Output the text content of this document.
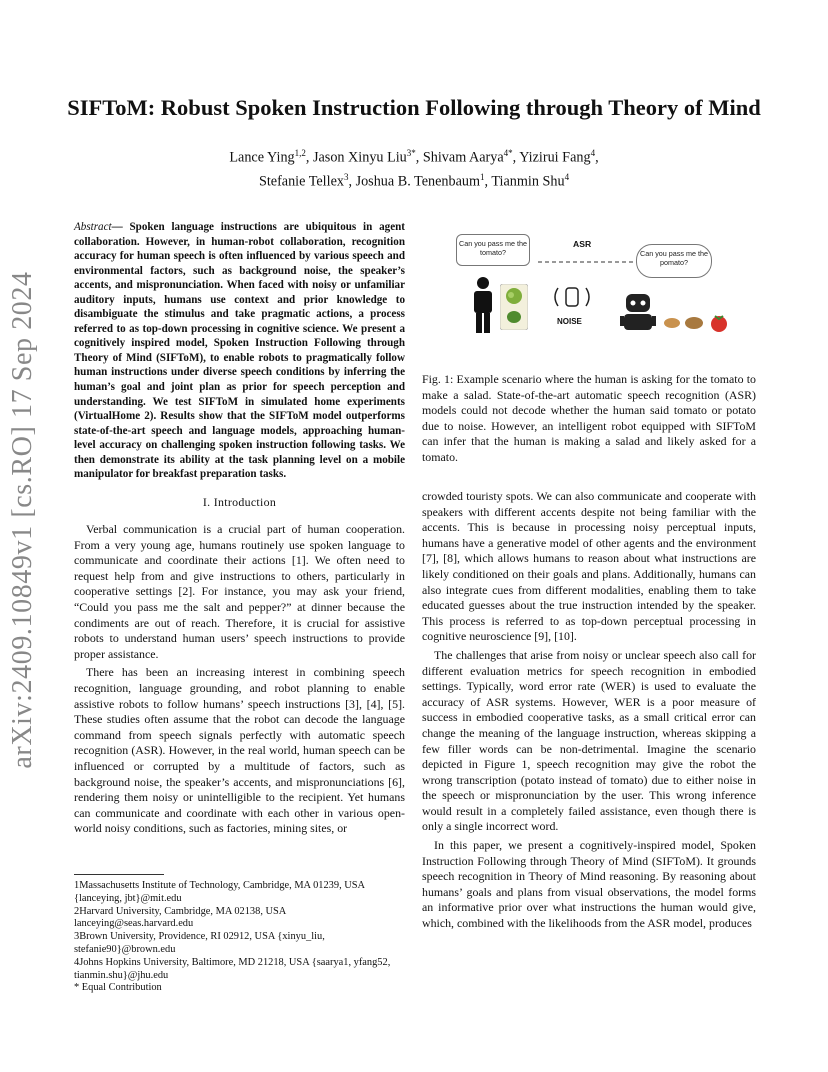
arXiv:2409.10849v1 [cs.RO] 17 Sep 2024
SIFToM: Robust Spoken Instruction Following through Theory of Mind
Lance Ying$^{1,2}$, Jason Xinyu Liu$^{3*}$, Shivam Aarya$^{4*}$, Yizirui Fang$^4$,
Stefanie Tellex$^3$, Joshua B. Tenenbaum$^1$, Tianmin Shu$^4$
Abstract— Spoken language instructions are ubiquitous in agent collaboration. However, in human-robot collaboration, recognition accuracy for human speech is often influenced by various speech and environmental factors, such as background noise, the speaker’s accents, and mispronunciation. When faced with noisy or unfamiliar auditory inputs, humans use context and prior knowledge to disambiguate the stimulus and take pragmatic actions, a process referred to as top-down processing in cognitive science. We present a cognitively inspired model, Spoken Instruction Following through Theory of Mind (SIFToM), to enable robots to pragmatically follow human instructions under diverse speech conditions by inferring the human’s goal and joint plan as prior for speech perception and understanding. We test SIFToM in simulated home experiments (VirtualHome 2). Results show that the SIFToM model outperforms state-of-the-art speech and language models, approaching human-level accuracy on challenging spoken instruction following tasks. We then demonstrate its ability at the task planning level on a mobile manipulator for breakfast preparation tasks.
Can you pass me the tomato?
ASR
Can you pass me the pomato?
NOISE
Fig. 1: Example scenario where the human is asking for the tomato to make a salad. State-of-the-art automatic speech recognition (ASR) models could not decode whether the human said tomato or potato due to noise. However, an intelligent robot equipped with SIFToM can infer that the human is making a salad and likely asked for a tomato.
I. Introduction

Verbal communication is a crucial part of human cooperation. From a very young age, humans routinely use spoken language to communicate and coordinate their actions [1]. We often need to request help from and give instructions to others, particularly in cooperative settings [2]. For instance, you may ask your friend, “Could you pass me the salt and pepper?” at dinner because the condiments are out of reach. Therefore, it is crucial for assistive robots to understand human users’ speech instructions to provide proper assistance.

There has been an increasing interest in combining speech recognition, language grounding, and robot planning to enable assistive robots to follow humans’ speech instructions [3], [4], [5]. These studies often assume that the robot can decode the language command from speech signals perfectly with automatic speech recognition (ASR). However, in the real world, human speech can be influenced or corrupted by a multitude of factors, such as background noise, the speaker’s accents, and mispronunciations [6], rendering them noisy or unintelligible to the recipient. Yet humans can communicate and coordinate with each other in various open-world noisy conditions, such as factories, mining sites, or

crowded touristy spots. We can also communicate and cooperate with speakers with different accents despite not being familiar with the accents. This is because in processing noisy perceptual inputs, humans have a generative model of other agents and the environment [7], [8], which allows humans to reason about what instructions are likely conditioned on their goals and plans. Additionally, humans can also integrate cues from different modalities, enabling them to take educated guesses about the true instruction intended by the speaker. This process is referred to as top-down perceptual processing in cognitive neuroscience [9], [10].

The challenges that arise from noisy or unclear speech also call for different evaluation metrics for speech recognition in embodied settings. Typically, word error rate (WER) is used to evaluate the accuracy of ASR systems. However, WER is a poor measure of success in embodied cooperative tasks, as a small critical error can change the meaning of the language instruction, whereas skipping a few filler words can be non-detrimental. Imagine the scenario depicted in Figure 1, speech recognition may give the robot the wrong transcription (potato instead of tomato) due to either noise in the speech or mispronunciation by the user. This wrong inference would result in a completely failed assistance, even though there is only a single incorrect word.

In this paper, we present a cognitively-inspired model, Spoken Instruction Following through Theory of Mind (SIFToM). It grounds speech recognition in Theory of Mind reasoning. By reasoning about humans’ goals and plans from visual observations, the model forms an informative prior over what instructions the human would give, which, combined with the likelihoods from the ASR model, produces

1Massachusetts Institute of Technology, Cambridge, MA 01239, USA {lanceying, jbt}@mit.edu
2Harvard University, Cambridge, MA 02138, USA lanceying@seas.harvard.edu
3Brown University, Providence, RI 02912, USA {xinyu_liu, stefanie90}@brown.edu
4Johns Hopkins University, Baltimore, MD 21218, USA {saarya1, yfang52, tianmin.shu}@jhu.edu
* Equal Contribution
